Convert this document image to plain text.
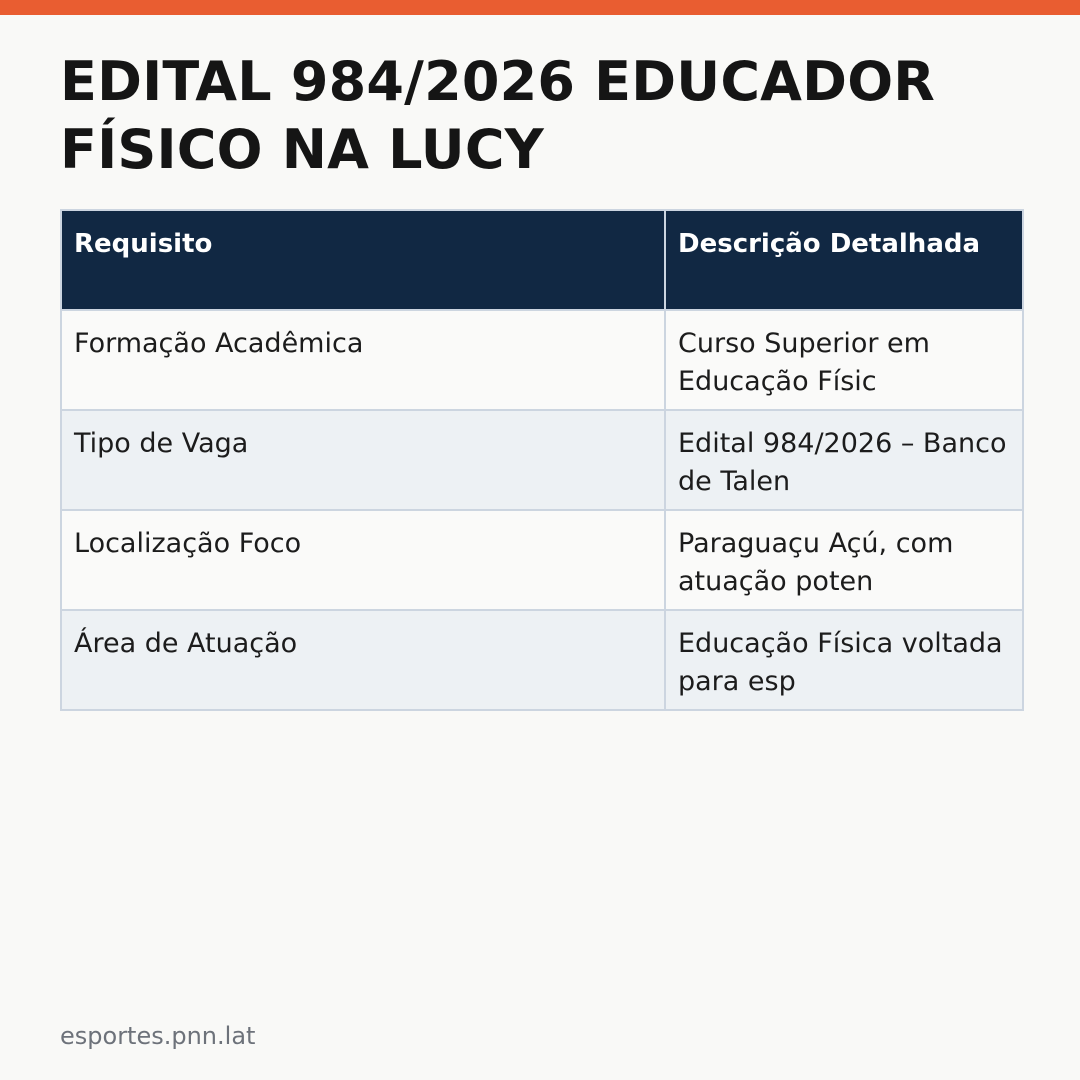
EDITAL 984/2026 EDUCADOR FÍSICO NA LUCY
Requisito	Descrição Detalhada
Formação Acadêmica	Curso Superior em Educação Físic
Tipo de Vaga	Edital 984/2026 – Banco de Talen
Localização Foco	Paraguaçu Açú, com atuação poten
Área de Atuação	Educação Física voltada para esp
esportes.pnn.lat
